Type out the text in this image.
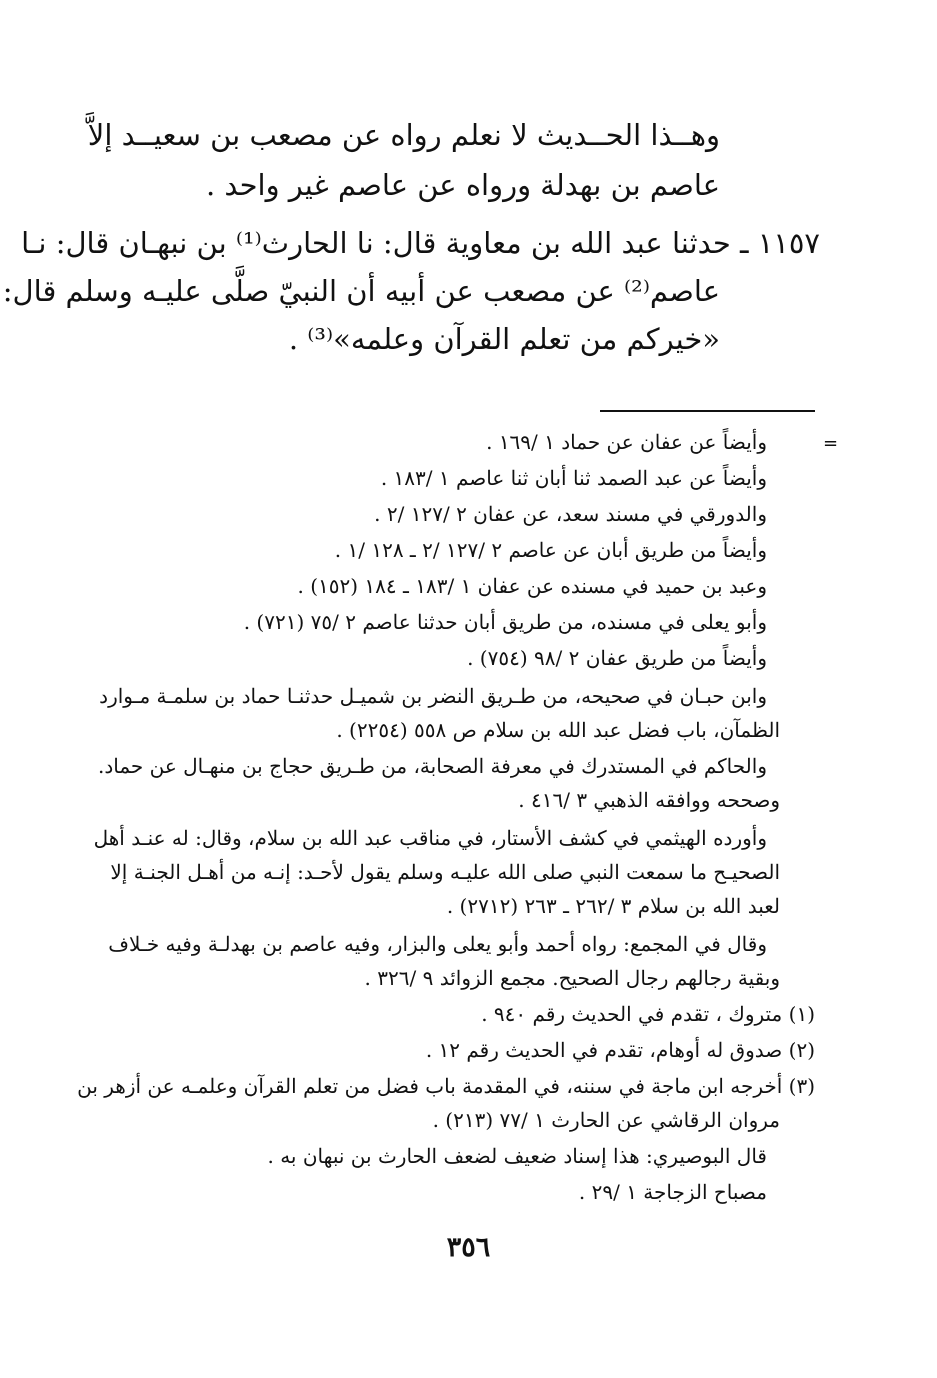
وهــذا الحــديث لا نعلم رواه عن مصعب بن سعيــد إلاَّ
عاصم بن بهدلة ورواه عن عاصم غير واحد .
١١٥٧ ـ حدثنا عبد الله بن معاوية قال: نا الحارث⁽¹⁾ بن نبهـان قال: نـا
عاصم⁽²⁾ عن مصعب عن أبيه أن النبيّ صلَّى عليـه وسلم قال:
«خيركم من تعلم القرآن وعلمه»⁽³⁾ .
=
وأيضاً عن عفان عن حماد ١ /١٦٩ .
وأيضاً عن عبد الصمد ثنا أبان ثنا عاصم ١ /١٨٣ .
والدورقي في مسند سعد، عن عفان ٢ /١٢٧ /٢ .
وأيضاً من طريق أبان عن عاصم ٢ /١٢٧ /٢ ـ ١٢٨ /١ .
وعبد بن حميد في مسنده عن عفان ١ /١٨٣ ـ ١٨٤ (١٥٢) .
وأبو يعلى في مسنده، من طريق أبان حدثنا عاصم ٢ /٧٥ (٧٢١) .
وأيضاً من طريق عفان ٢ /٩٨ (٧٥٤) .
وابن حبـان في صحيحه، من طـريق النضر بن شميـل حدثنـا حماد بن سلمـة مـوارد
الظمآن، باب فضل عبد الله بن سلام ص ٥٥٨ (٢٢٥٤) .
والحاكم في المستدرك في معرفة الصحابة، من طـريق حجاج بن منهـال عن حماد.
وصححه ووافقه الذهبي ٣ /٤١٦ .
وأورده الهيثمي في كشف الأستار، في مناقب عبد الله بن سلام، وقال: له عنـد أهل
الصحيـح ما سمعت النبي صلى الله عليـه وسلم يقول لأحـد: إنـه من أهـل الجنـة إلا
لعبد الله بن سلام ٣ /٢٦٢ ـ ٢٦٣ (٢٧١٢) .
وقال في المجمع: رواه أحمد وأبو يعلى والبزار، وفيه عاصم بن بهدلـة وفيه خـلاف
وبقية رجالهم رجال الصحيح. مجمع الزوائد ٩ /٣٢٦ .
(١) متروك ، تقدم في الحديث رقم ٩٤٠ .
(٢) صدوق له أوهام، تقدم في الحديث رقم ١٢ .
(٣) أخرجه ابن ماجة في سننه، في المقدمة باب فضل من تعلم القرآن وعلمـه عن أزهر بن
مروان الرقاشي عن الحارث ١ /٧٧ (٢١٣) .
قال البوصيري: هذا إسناد ضعيف لضعف الحارث بن نبهان به .
مصباح الزجاجة ١ /٢٩ .
٣٥٦
